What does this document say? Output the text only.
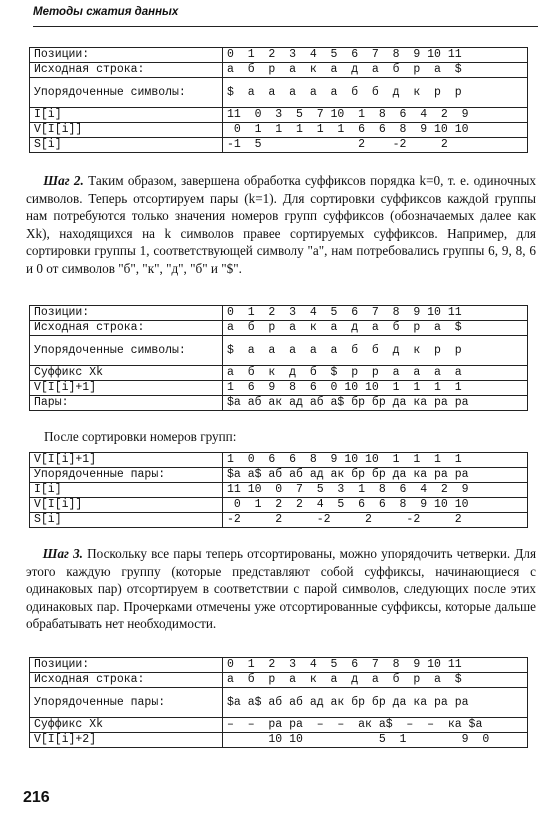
Методы сжатия данных
Позиции:	0  1  2  3  4  5  6  7  8  9 10 11
Исходная строка:	а  б  р  а  к  а  д  а  б  р  а  $
Упорядоченные символы:	$  а  а  а  а  а  б  б  д  к  р  р
I[i]	11  0  3  5  7 10  1  8  6  4  2  9
V[I[i]]	0  1  1  1  1  1  6  6  8  9 10 10
S[i]	-1  5              2    -2     2
Шаг 2. Таким образом, завершена обработка суффиксов порядка k=0, т. е. одиночных символов. Теперь отсортируем пары (k=1). Для сортировки суффиксов каждой группы нам потребуются только значения номеров групп суффиксов (обозначаемых далее как Xk), находящихся на k символов правее сортируемых суффиксов. Например, для сортировки группы 1, соответствующей символу "а", нам потребовались группы 6, 9, 8, 6 и 0 от символов "б", "к", "д", "б" и "$".
Позиции:	0  1  2  3  4  5  6  7  8  9 10 11
Исходная строка:	а  б  р  а  к  а  д  а  б  р  а  $
Упорядоченные символы:	$  а  а  а  а  а  б  б  д  к  р  р
Суффикс Xk	а  б  к  д  б  $  р  р  а  а  а  а
V[I[i]+1]	1  6  9  8  6  0 10 10  1  1  1  1
Пары:	$а аб ак ад аб а$ бр бр да ка ра ра
После сортировки номеров групп:
V[I[i]+1]	1  0  6  6  8  9 10 10  1  1  1  1
Упорядоченные пары:	$а а$ аб аб ад ак бр бр да ка ра ра
I[i]	11 10  0  7  5  3  1  8  6  4  2  9
V[I[i]]	0  1  2  2  4  5  6  6  8  9 10 10
S[i]	-2     2     -2     2     -2     2
Шаг 3. Поскольку все пары теперь отсортированы, можно упорядочить четверки. Для этого каждую группу (которые представляют собой суффиксы, начинающиеся с одинаковых пар) отсортируем в соответствии с парой символов, следующих после этих одинаковых пар. Прочерками отмечены уже отсортированные суффиксы, которые дальше обрабатывать нет необходимости.
Позиции:	0  1  2  3  4  5  6  7  8  9 10 11
Исходная строка:	а  б  р  а  к  а  д  а  б  р  а  $
Упорядоченные пары:	$а а$ аб аб ад ак бр бр да ка ра ра
Суффикс Xk	–  –  ра ра  –  –  ак а$  –  –  ка $а
V[I[i]+2]	10 10           5  1        9  0
216
